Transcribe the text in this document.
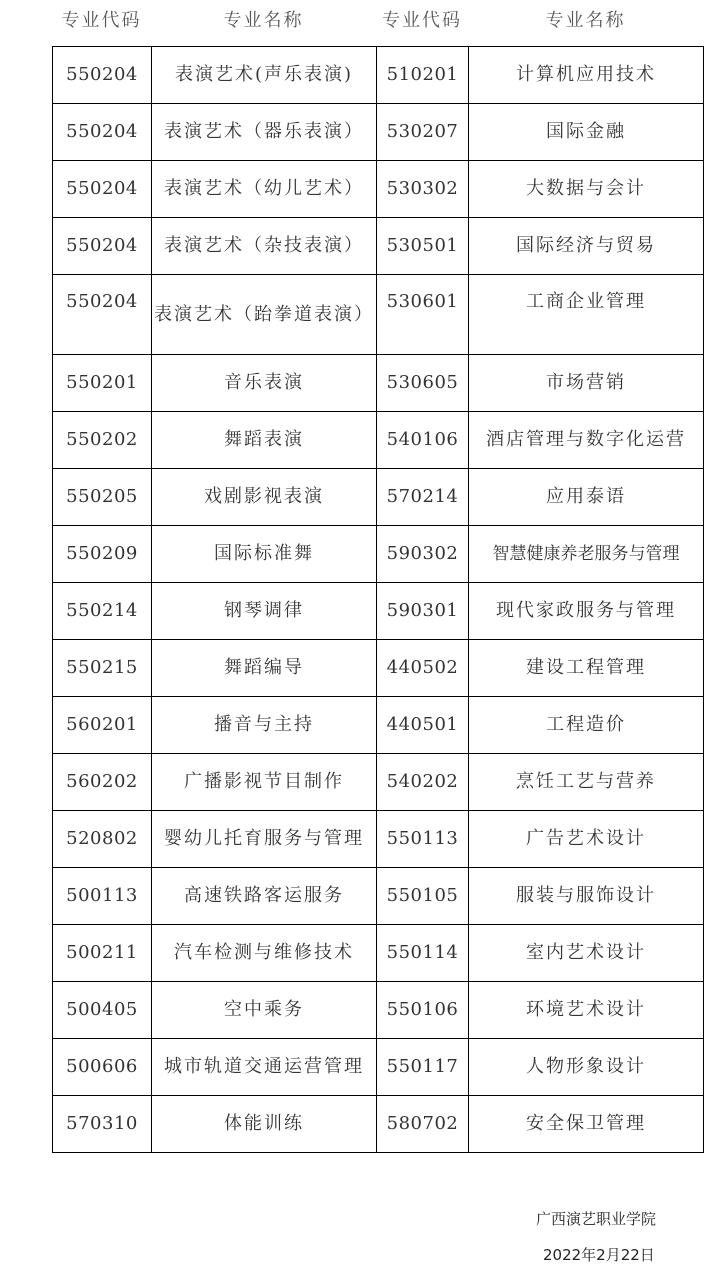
专业代码	专业名称	专业代码	专业名称
550204	表演艺术(声乐表演)	510201	计算机应用技术
550204	表演艺术（器乐表演）	530207	国际金融
550204	表演艺术（幼儿艺术）	530302	大数据与会计
550204	表演艺术（杂技表演）	530501	国际经济与贸易
550204	表演艺术（跆拳道表演）	530601	工商企业管理
550201	音乐表演	530605	市场营销
550202	舞蹈表演	540106	酒店管理与数字化运营
550205	戏剧影视表演	570214	应用泰语
550209	国际标准舞	590302	智慧健康养老服务与管理
550214	钢琴调律	590301	现代家政服务与管理
550215	舞蹈编导	440502	建设工程管理
560201	播音与主持	440501	工程造价
560202	广播影视节目制作	540202	烹饪工艺与营养
520802	婴幼儿托育服务与管理	550113	广告艺术设计
500113	高速铁路客运服务	550105	服装与服饰设计
500211	汽车检测与维修技术	550114	室内艺术设计
500405	空中乘务	550106	环境艺术设计
500606	城市轨道交通运营管理	550117	人物形象设计
570310	体能训练	580702	安全保卫管理
广西演艺职业学院
2022年2月22日
